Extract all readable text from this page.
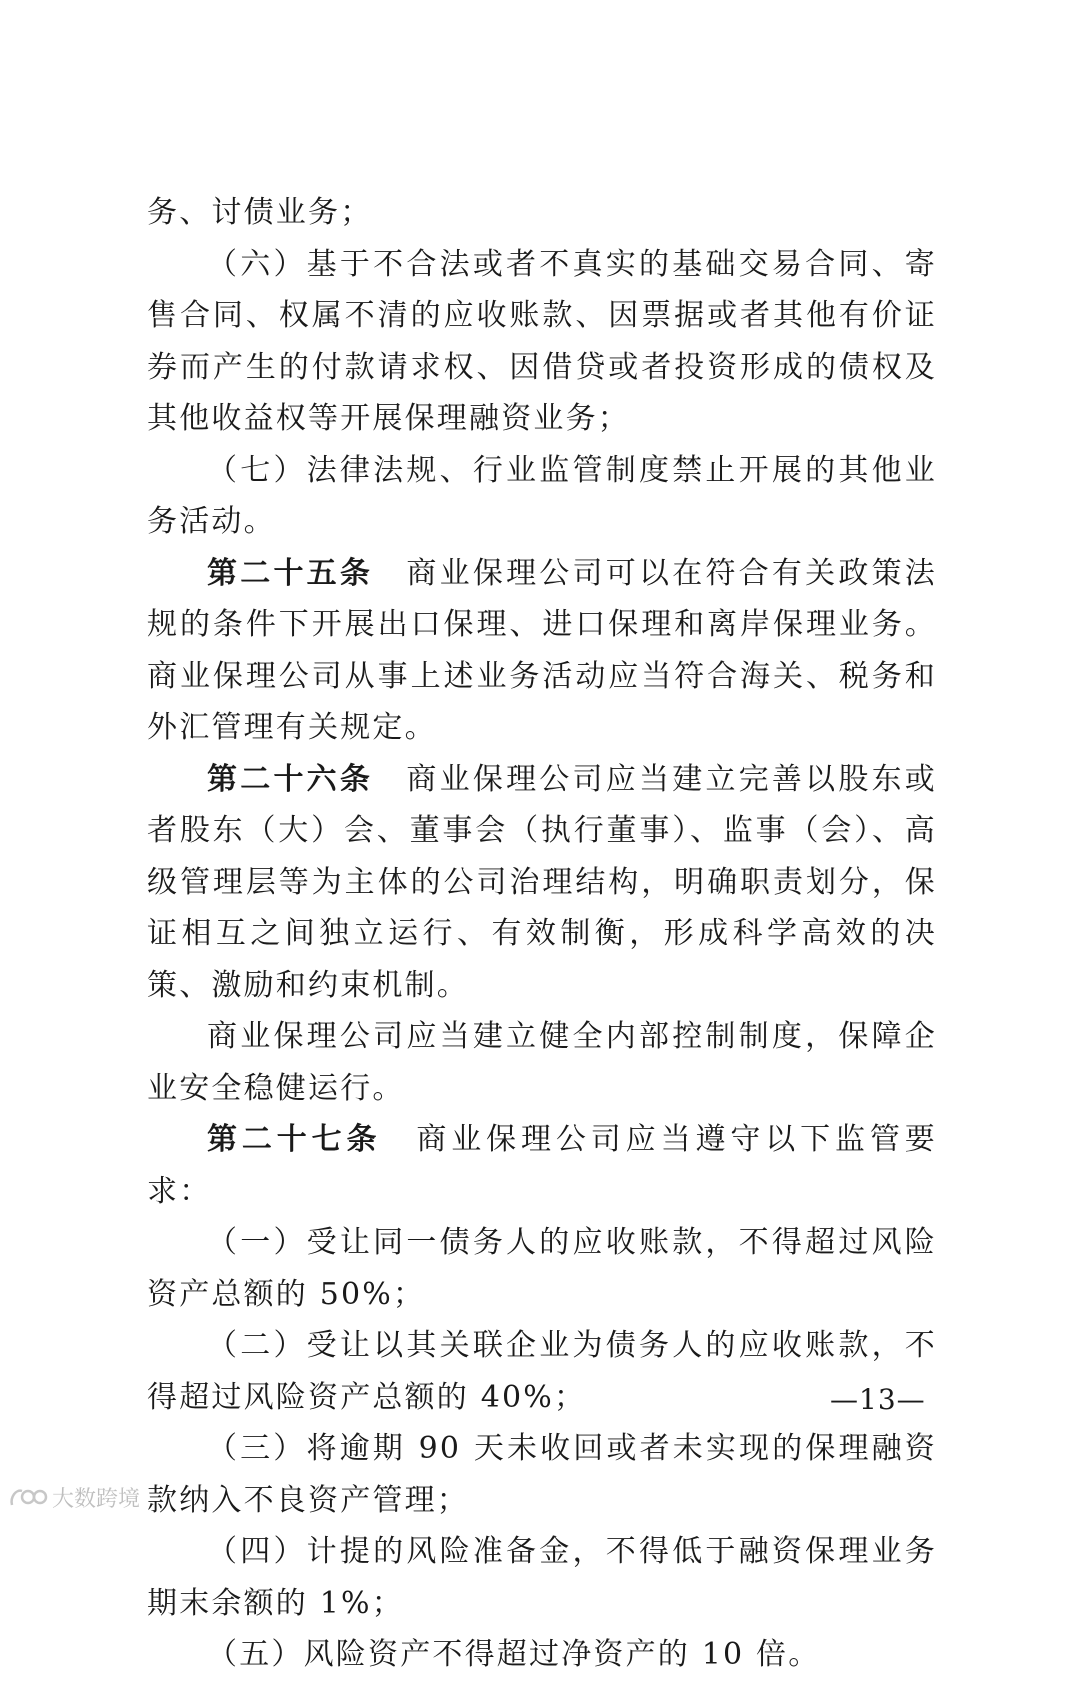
务、讨债业务；

（六）基于不合法或者不真实的基础交易合同、寄售合同、权属不清的应收账款、因票据或者其他有价证券而产生的付款请求权、因借贷或者投资形成的债权及其他收益权等开展保理融资业务；

（七）法律法规、行业监管制度禁止开展的其他业务活动。

第二十五条　商业保理公司可以在符合有关政策法规的条件下开展出口保理、进口保理和离岸保理业务。商业保理公司从事上述业务活动应当符合海关、税务和外汇管理有关规定。

第二十六条　商业保理公司应当建立完善以股东或者股东（大）会、董事会（执行董事）、监事（会）、高级管理层等为主体的公司治理结构，明确职责划分，保证相互之间独立运行、有效制衡，形成科学高效的决策、激励和约束机制。

商业保理公司应当建立健全内部控制制度，保障企业安全稳健运行。

第二十七条　商业保理公司应当遵守以下监管要求：

（一）受让同一债务人的应收账款，不得超过风险资产总额的 50%；

（二）受让以其关联企业为债务人的应收账款，不得超过风险资产总额的 40%；

（三）将逾期 90 天未收回或者未实现的保理融资款纳入不良资产管理；

（四）计提的风险准备金，不得低于融资保理业务期末余额的 1%；

（五）风险资产不得超过净资产的 10 倍。

—13—
大数跨境
